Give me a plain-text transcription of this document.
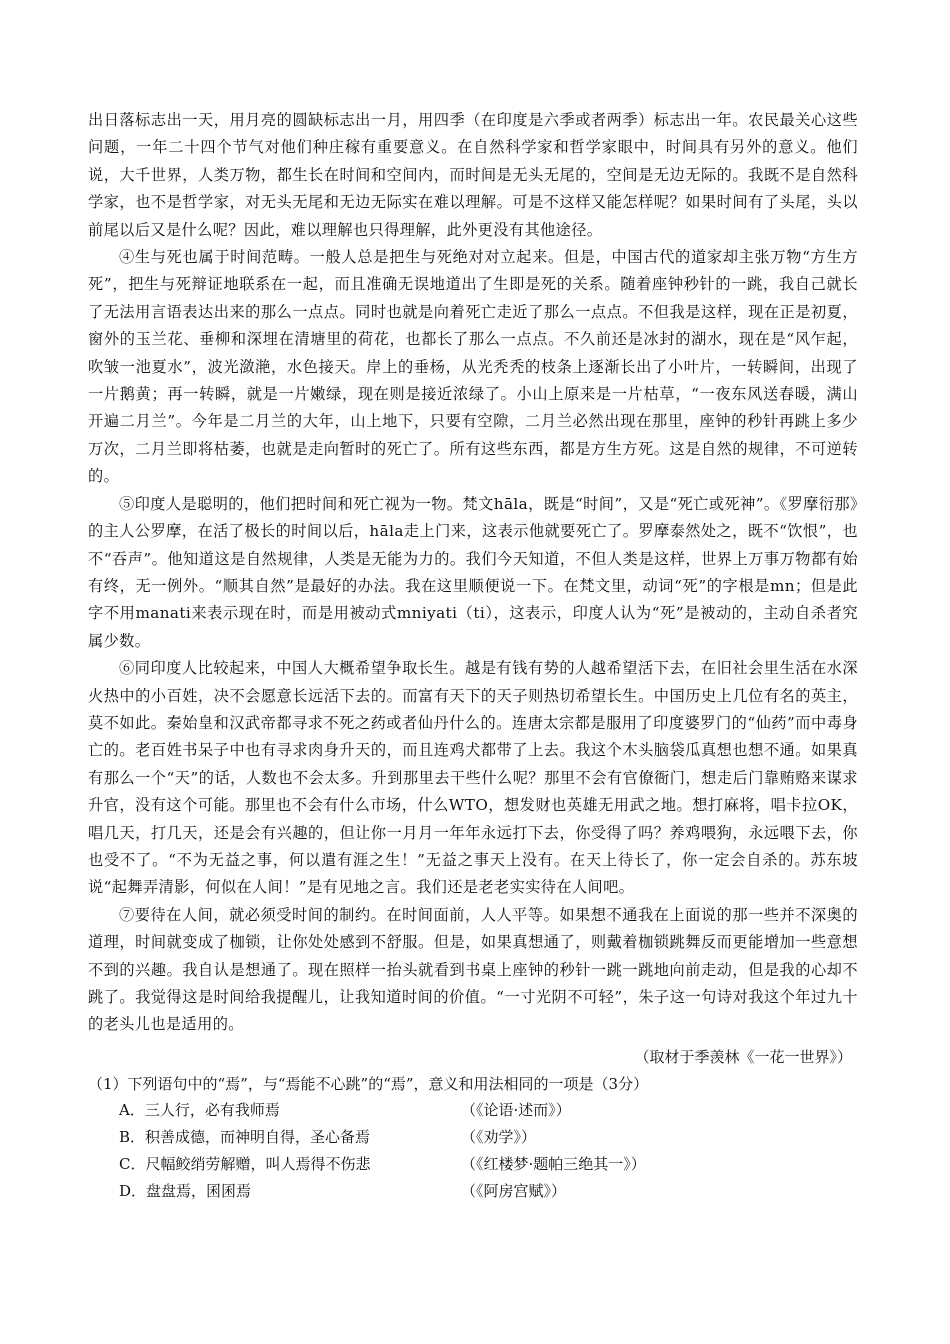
出日落标志出一天，用月亮的圆缺标志出一月，用四季（在印度是六季或者两季）标志出一年。农民最关心这些问题，一年二十四个节气对他们种庄稼有重要意义。在自然科学家和哲学家眼中，时间具有另外的意义。他们说，大千世界，人类万物，都生长在时间和空间内，而时间是无头无尾的，空间是无边无际的。我既不是自然科学家，也不是哲学家，对无头无尾和无边无际实在难以理解。可是不这样又能怎样呢？如果时间有了头尾，头以前尾以后又是什么呢？因此，难以理解也只得理解，此外更没有其他途径。

④生与死也属于时间范畴。一般人总是把生与死绝对对立起来。但是，中国古代的道家却主张万物“方生方死”，把生与死辩证地联系在一起，而且准确无误地道出了生即是死的关系。随着座钟秒针的一跳，我自己就长了无法用言语表达出来的那么一点点。同时也就是向着死亡走近了那么一点点。不但我是这样，现在正是初夏，窗外的玉兰花、垂柳和深埋在清塘里的荷花，也都长了那么一点点。不久前还是冰封的湖水，现在是“风乍起，吹皱一池夏水”，波光潋滟，水色接天。岸上的垂杨，从光秃秃的枝条上逐渐长出了小叶片，一转瞬间，出现了一片鹅黄；再一转瞬，就是一片嫩绿，现在则是接近浓绿了。小山上原来是一片枯草，“一夜东风送春暖，满山开遍二月兰”。今年是二月兰的大年，山上地下，只要有空隙，二月兰必然出现在那里，座钟的秒针再跳上多少万次，二月兰即将枯萎，也就是走向暂时的死亡了。所有这些东西，都是方生方死。这是自然的规律，不可逆转的。

⑤印度人是聪明的，他们把时间和死亡视为一物。梵文hāla，既是“时间”，又是“死亡或死神”。《罗摩衍那》的主人公罗摩，在活了极长的时间以后，hāla走上门来，这表示他就要死亡了。罗摩泰然处之，既不“饮恨”，也不“吞声”。他知道这是自然规律，人类是无能为力的。我们今天知道，不但人类是这样，世界上万事万物都有始有终，无一例外。“顺其自然”是最好的办法。我在这里顺便说一下。在梵文里，动词“死”的字根是mn；但是此字不用manati来表示现在时，而是用被动式mniyati（ti），这表示，印度人认为“死”是被动的，主动自杀者究属少数。

⑥同印度人比较起来，中国人大概希望争取长生。越是有钱有势的人越希望活下去，在旧社会里生活在水深火热中的小百姓，决不会愿意长远活下去的。而富有天下的天子则热切希望长生。中国历史上几位有名的英主，莫不如此。秦始皇和汉武帝都寻求不死之药或者仙丹什么的。连唐太宗都是服用了印度婆罗门的“仙药”而中毒身亡的。老百姓书呆子中也有寻求肉身升天的，而且连鸡犬都带了上去。我这个木头脑袋瓜真想也想不通。如果真有那么一个“天”的话，人数也不会太多。升到那里去干些什么呢？那里不会有官僚衙门，想走后门靠贿赂来谋求升官，没有这个可能。那里也不会有什么市场，什么WTO，想发财也英雄无用武之地。想打麻将，唱卡拉OK，唱几天，打几天，还是会有兴趣的，但让你一月月一年年永远打下去，你受得了吗？养鸡喂狗，永远喂下去，你也受不了。“不为无益之事，何以遣有涯之生！”无益之事天上没有。在天上待长了，你一定会自杀的。苏东坡说“起舞弄清影，何似在人间！”是有见地之言。我们还是老老实实待在人间吧。

⑦要待在人间，就必须受时间的制约。在时间面前，人人平等。如果想不通我在上面说的那一些并不深奥的道理，时间就变成了枷锁，让你处处感到不舒服。但是，如果真想通了，则戴着枷锁跳舞反而更能增加一些意想不到的兴趣。我自认是想通了。现在照样一抬头就看到书桌上座钟的秒针一跳一跳地向前走动，但是我的心却不跳了。我觉得这是时间给我提醒儿，让我知道时间的价值。“一寸光阴不可轻”，朱子这一句诗对我这个年过九十的老头儿也是适用的。

（取材于季羡林《一花一世界》）

（1）下列语句中的“焉”，与“焉能不心跳”的“焉”，意义和用法相同的一项是（3分）

A．三人行，必有我师焉	（《论语·述而》）
B．积善成德，而神明自得，圣心备焉	（《劝学》）
C．尺幅鲛绡劳解赠，叫人焉得不伤悲	（《红楼梦·题帕三绝其一》）
D．盘盘焉，囷囷焉	（《阿房宫赋》）
